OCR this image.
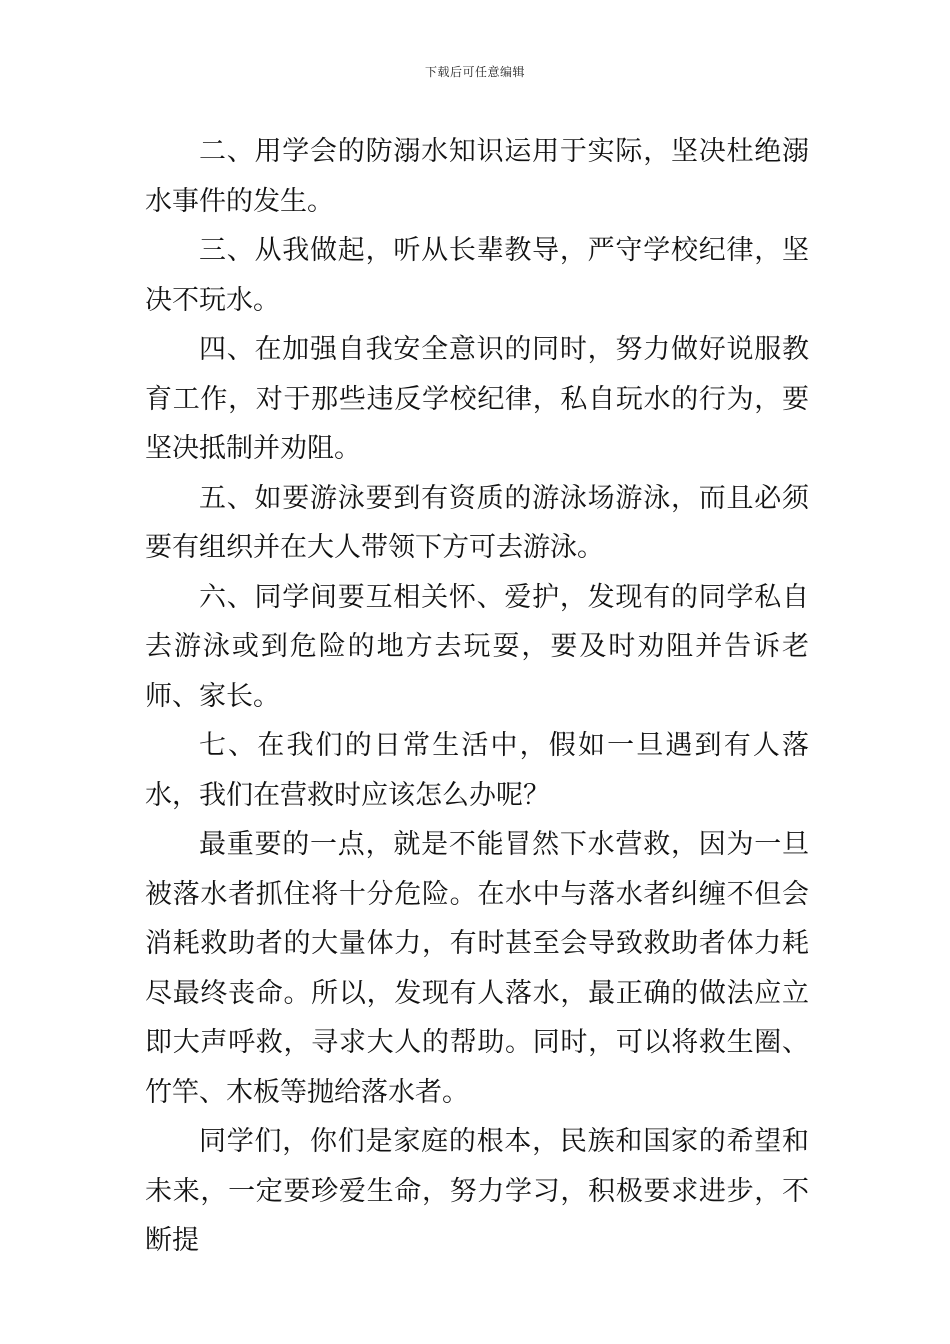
下载后可任意编辑

二、用学会的防溺水知识运用于实际，坚决杜绝溺水事件的发生。

三、从我做起，听从长辈教导，严守学校纪律，坚决不玩水。

四、在加强自我安全意识的同时，努力做好说服教育工作，对于那些违反学校纪律，私自玩水的行为，要坚决抵制并劝阻。

五、如要游泳要到有资质的游泳场游泳，而且必须要有组织并在大人带领下方可去游泳。

六、同学间要互相关怀、爱护，发现有的同学私自去游泳或到危险的地方去玩耍，要及时劝阻并告诉老师、家长。

七、在我们的日常生活中，假如一旦遇到有人落水，我们在营救时应该怎么办呢？

最重要的一点，就是不能冒然下水营救，因为一旦被落水者抓住将十分危险。在水中与落水者纠缠不但会消耗救助者的大量体力，有时甚至会导致救助者体力耗尽最终丧命。所以，发现有人落水，最正确的做法应立即大声呼救，寻求大人的帮助。同时，可以将救生圈、竹竿、木板等抛给落水者。

同学们，你们是家庭的根本，民族和国家的希望和未来，一定要珍爱生命，努力学习，积极要求进步，不断提
